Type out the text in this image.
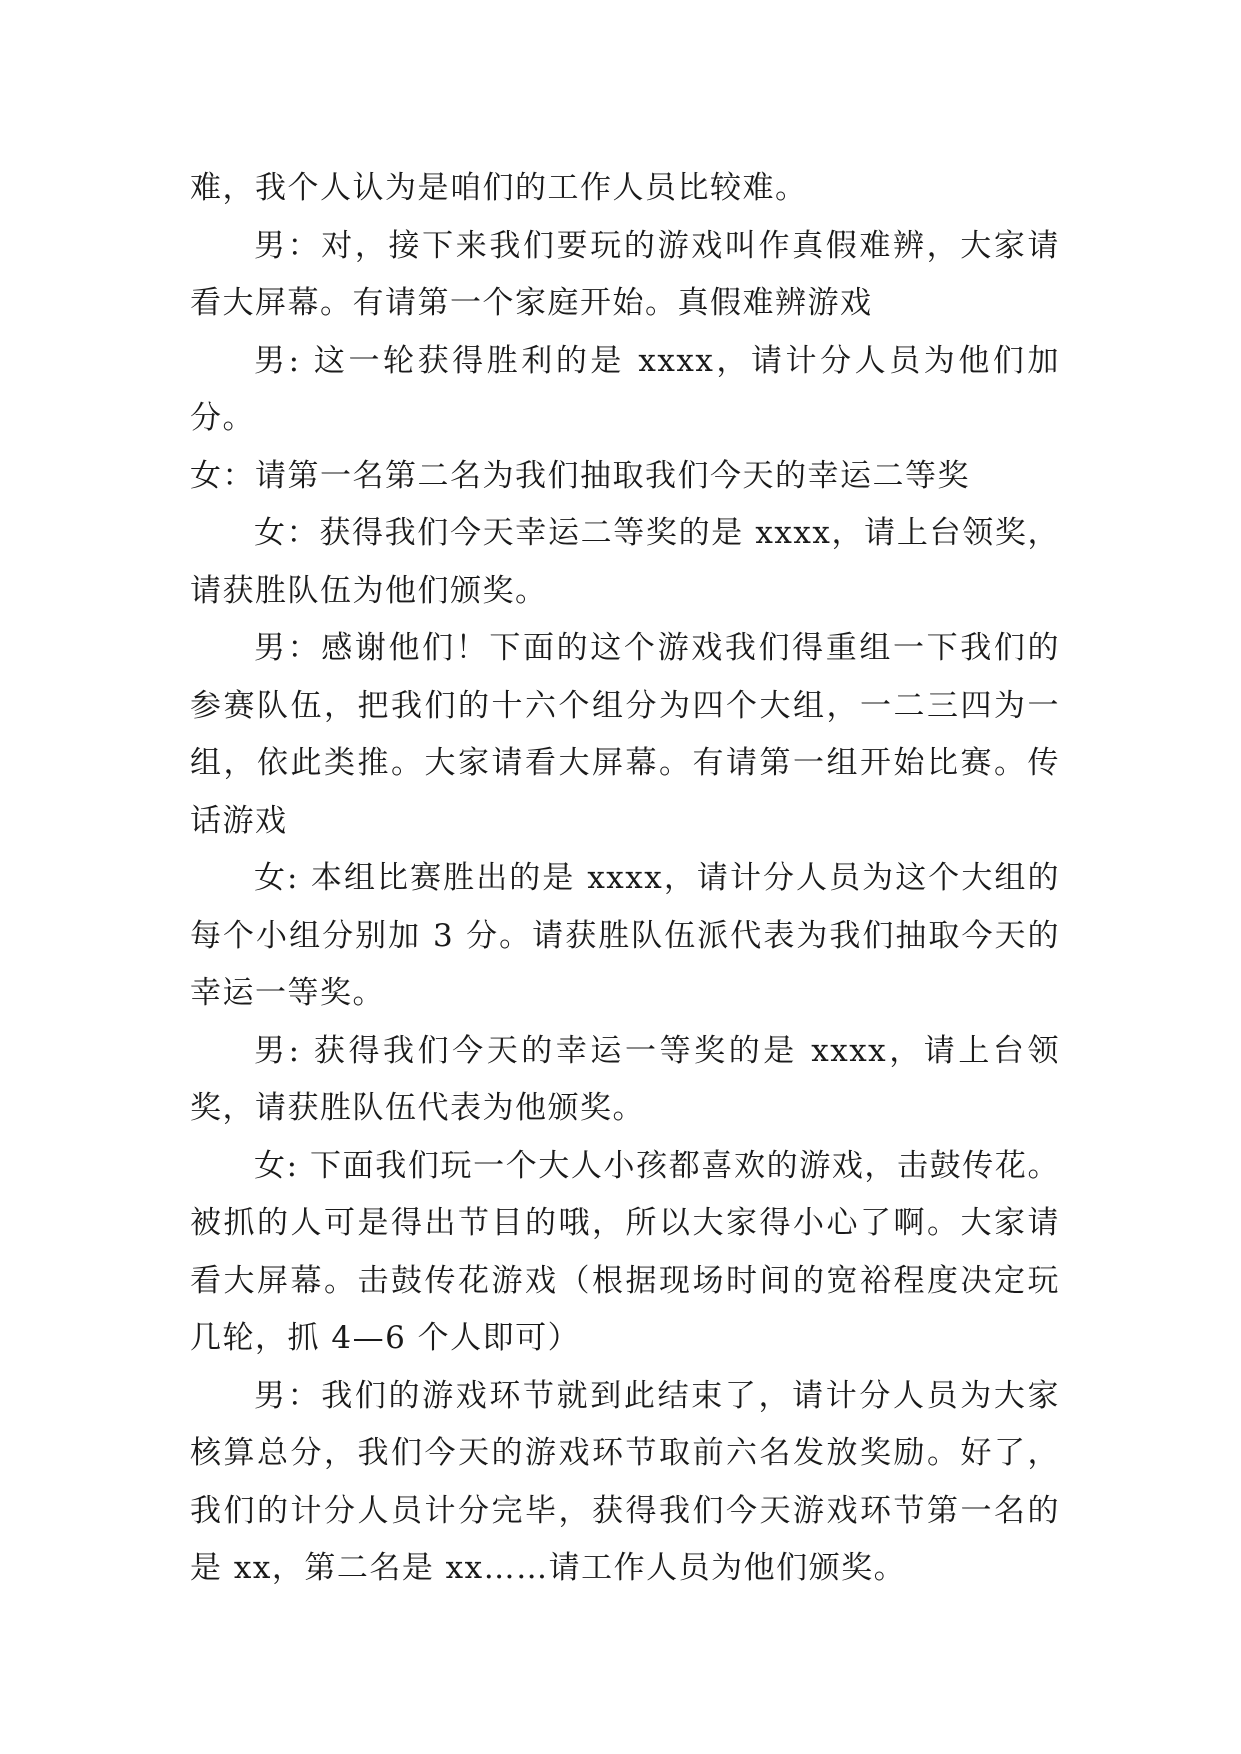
难，我个人认为是咱们的工作人员比较难。

男：对，接下来我们要玩的游戏叫作真假难辨，大家请看大屏幕。有请第一个家庭开始。真假难辨游戏

男: 这一轮获得胜利的是 xxxx，请计分人员为他们加分。

女：请第一名第二名为我们抽取我们今天的幸运二等奖

女：获得我们今天幸运二等奖的是 xxxx，请上台领奖，请获胜队伍为他们颁奖。

男：感谢他们！下面的这个游戏我们得重组一下我们的参赛队伍，把我们的十六个组分为四个大组，一二三四为一组，依此类推。大家请看大屏幕。有请第一组开始比赛。传话游戏

女: 本组比赛胜出的是 xxxx，请计分人员为这个大组的每个小组分别加 3 分。请获胜队伍派代表为我们抽取今天的幸运一等奖。

男: 获得我们今天的幸运一等奖的是 xxxx，请上台领奖，请获胜队伍代表为他颁奖。

女: 下面我们玩一个大人小孩都喜欢的游戏，击鼓传花。被抓的人可是得出节目的哦，所以大家得小心了啊。大家请看大屏幕。击鼓传花游戏（根据现场时间的宽裕程度决定玩几轮，抓 4—6 个人即可）

男：我们的游戏环节就到此结束了，请计分人员为大家核算总分，我们今天的游戏环节取前六名发放奖励。好了，我们的计分人员计分完毕，获得我们今天游戏环节第一名的是 xx，第二名是 xx……请工作人员为他们颁奖。
